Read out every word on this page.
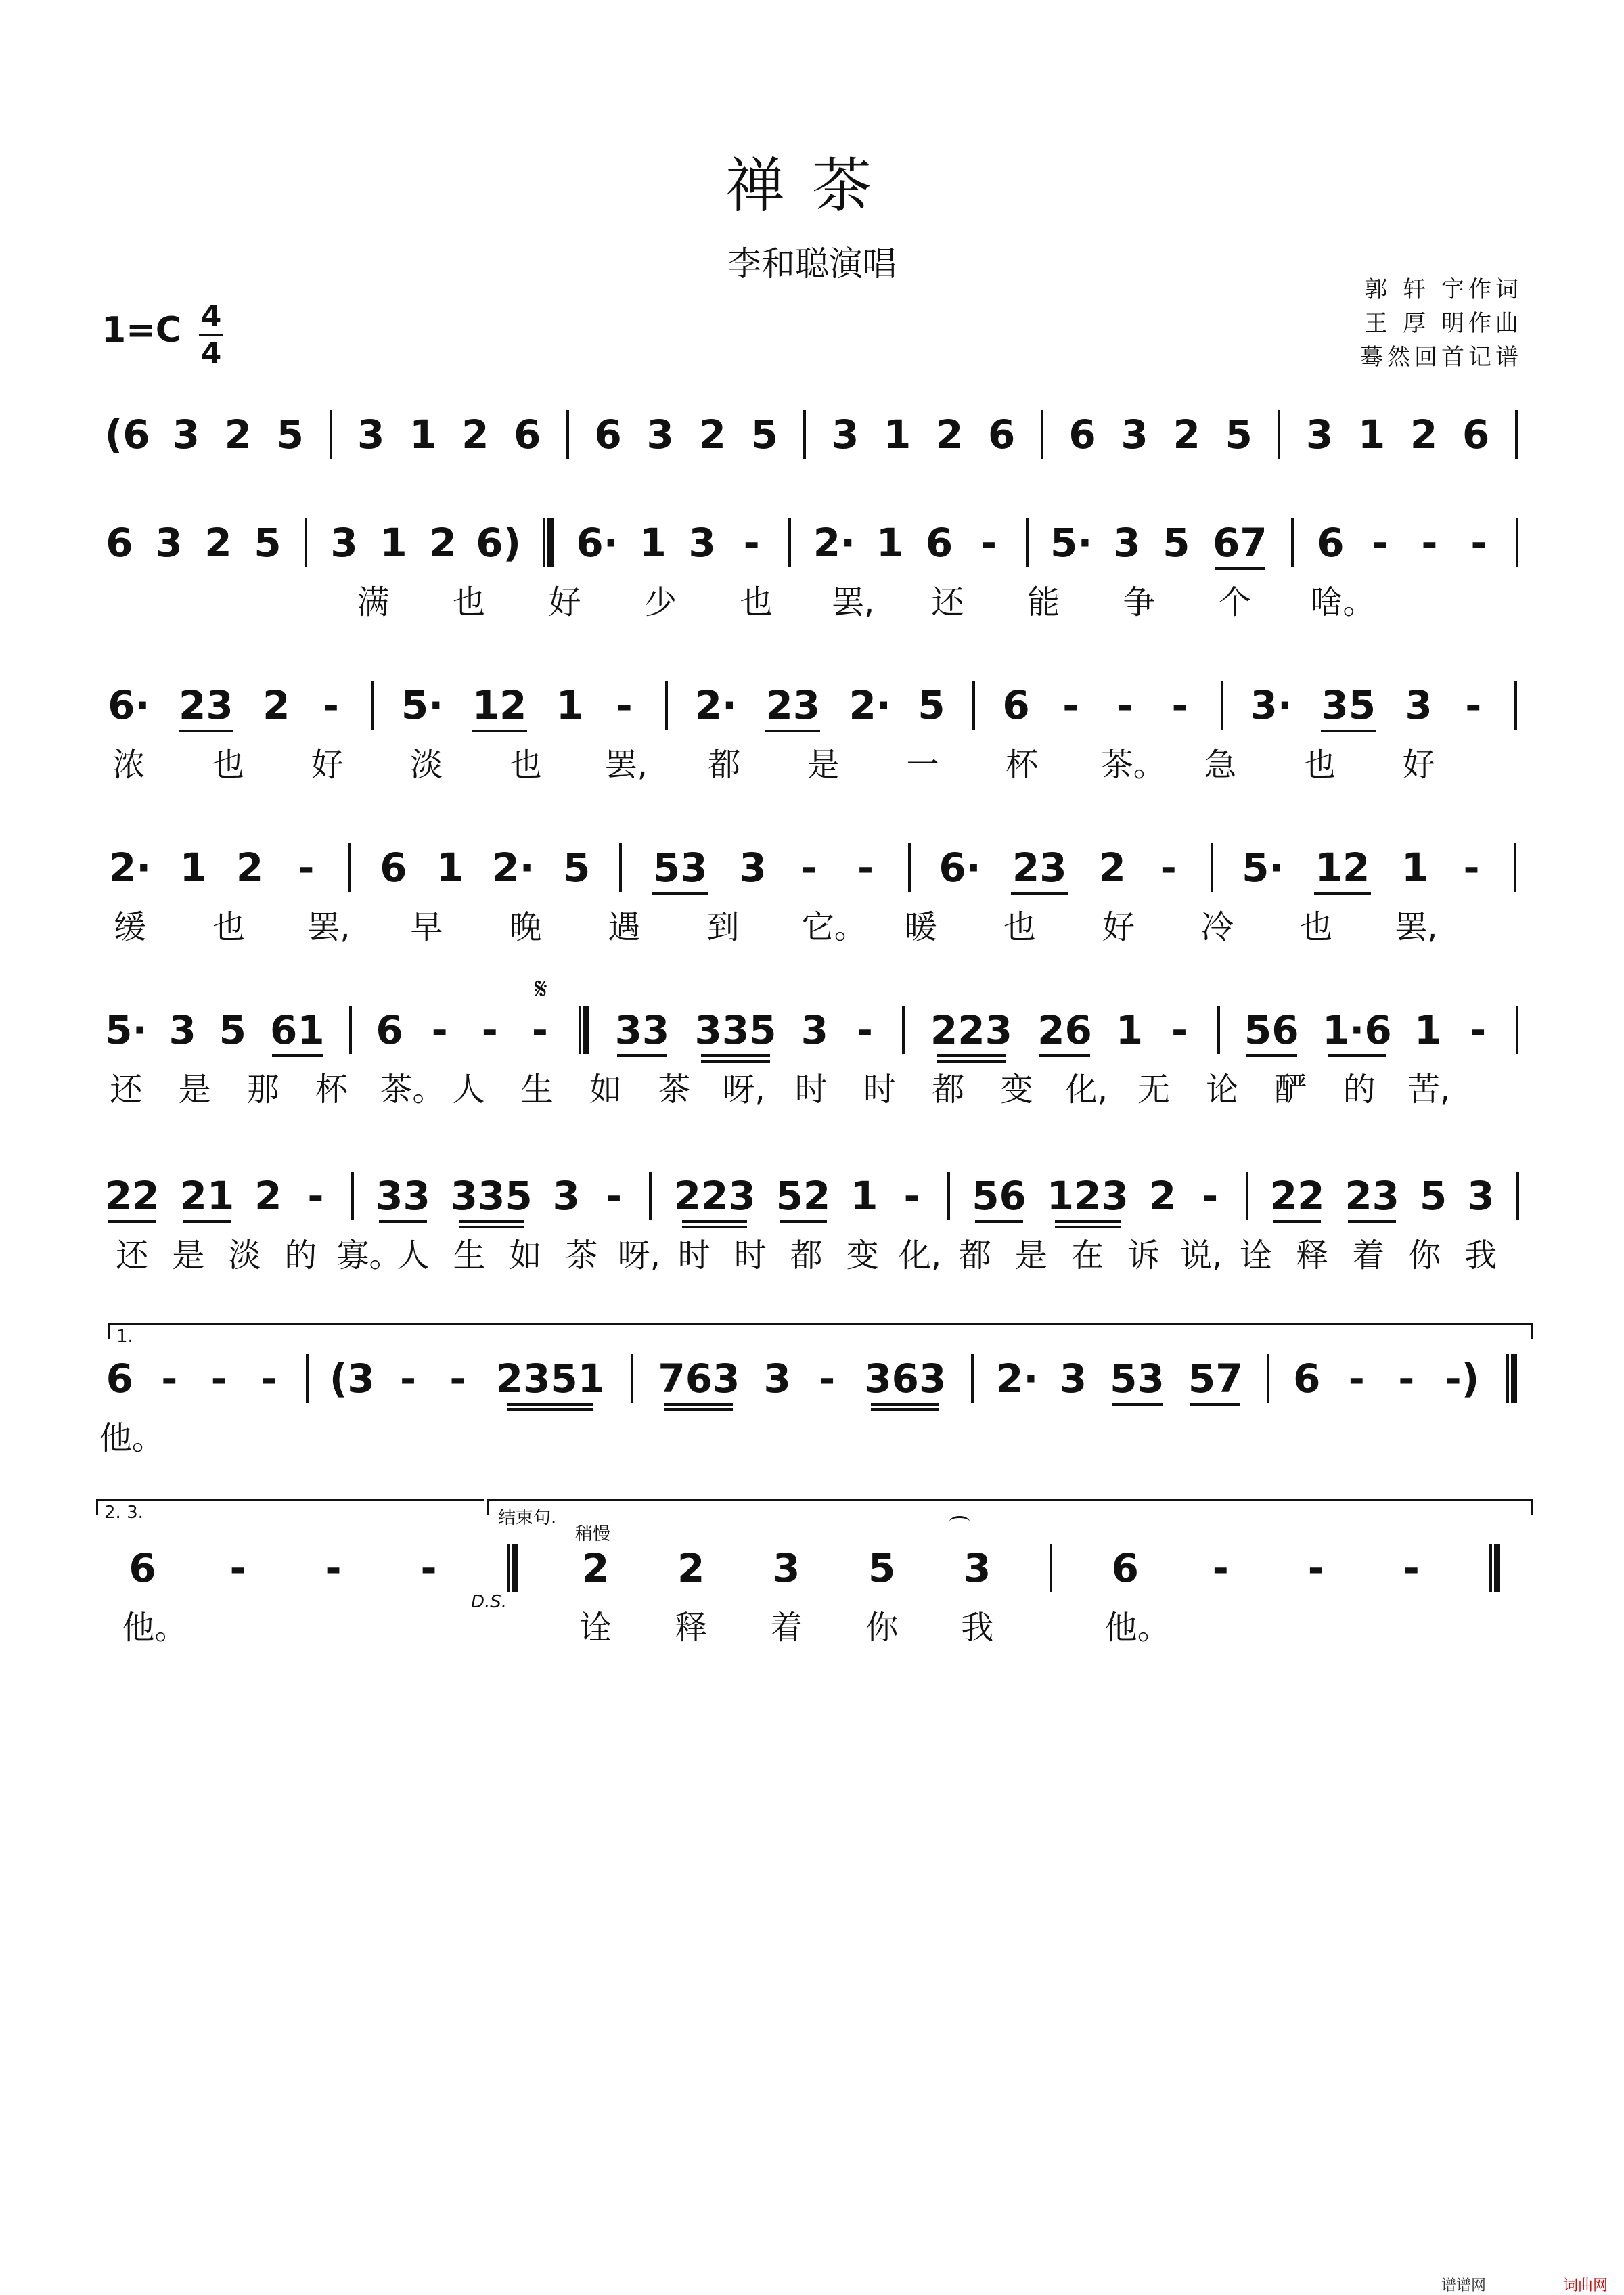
禅茶
李和聪演唱
郭 轩 宇作词
王 厚 明作曲
蓦然回首记谱
1=C 4
4
(6 3 2 5	3 1 2 6	6 3 2 5	3 1 2 6	6 3 2 5	3 1 2 6
6 3 2 5 3 1 2 6) 6· 1 3 -	2· 1 6 -	5· 3 5 67 6 - - -
满 也 好 少 也 罢, 还 能 争 个 啥。
6· 23 2 -	5· 12 1 -	2· 23 2· 5	6 - - -	3· 35 3 -
浓 也 好 淡 也 罢, 都 是 一 杯 茶。 急 也 好
2· 1 2 -	6 1 2· 5	53 3 -	-	6· 23 2 -	5· 12 1 -
缓 也 罢, 早 晚 遇 到 它。 暖 也 好 冷 也 罢,
5· 3 5 61	6 - - -	33 335 3 -	223 26 1 -	56 1·6 1 -
还 是 那 杯 茶。 人 生 如 茶 呀, 时 时 都 变 化, 无 论 酽 的 苦,
22 21 2 -	33 335 3 -	223 52 1 -	56 123 2 -	22 23 5 3
还 是 淡 的 寡。
人 生 如 茶 呀, 时 时 都 变 化, 都 是 在 诉 说, 诠 释 着 你 我
6 - - -	(3 - - 2351	763 3 - 363	2· 3 53 57	6 - - -)
他。
6	-	-	-	2	2	3	5	3	6	-	-	-
他。	诠 释 着 你 我	他。
1.
2. 3.	结束句.
稍慢
D.S.
𝄋
谱谱网	词曲网
